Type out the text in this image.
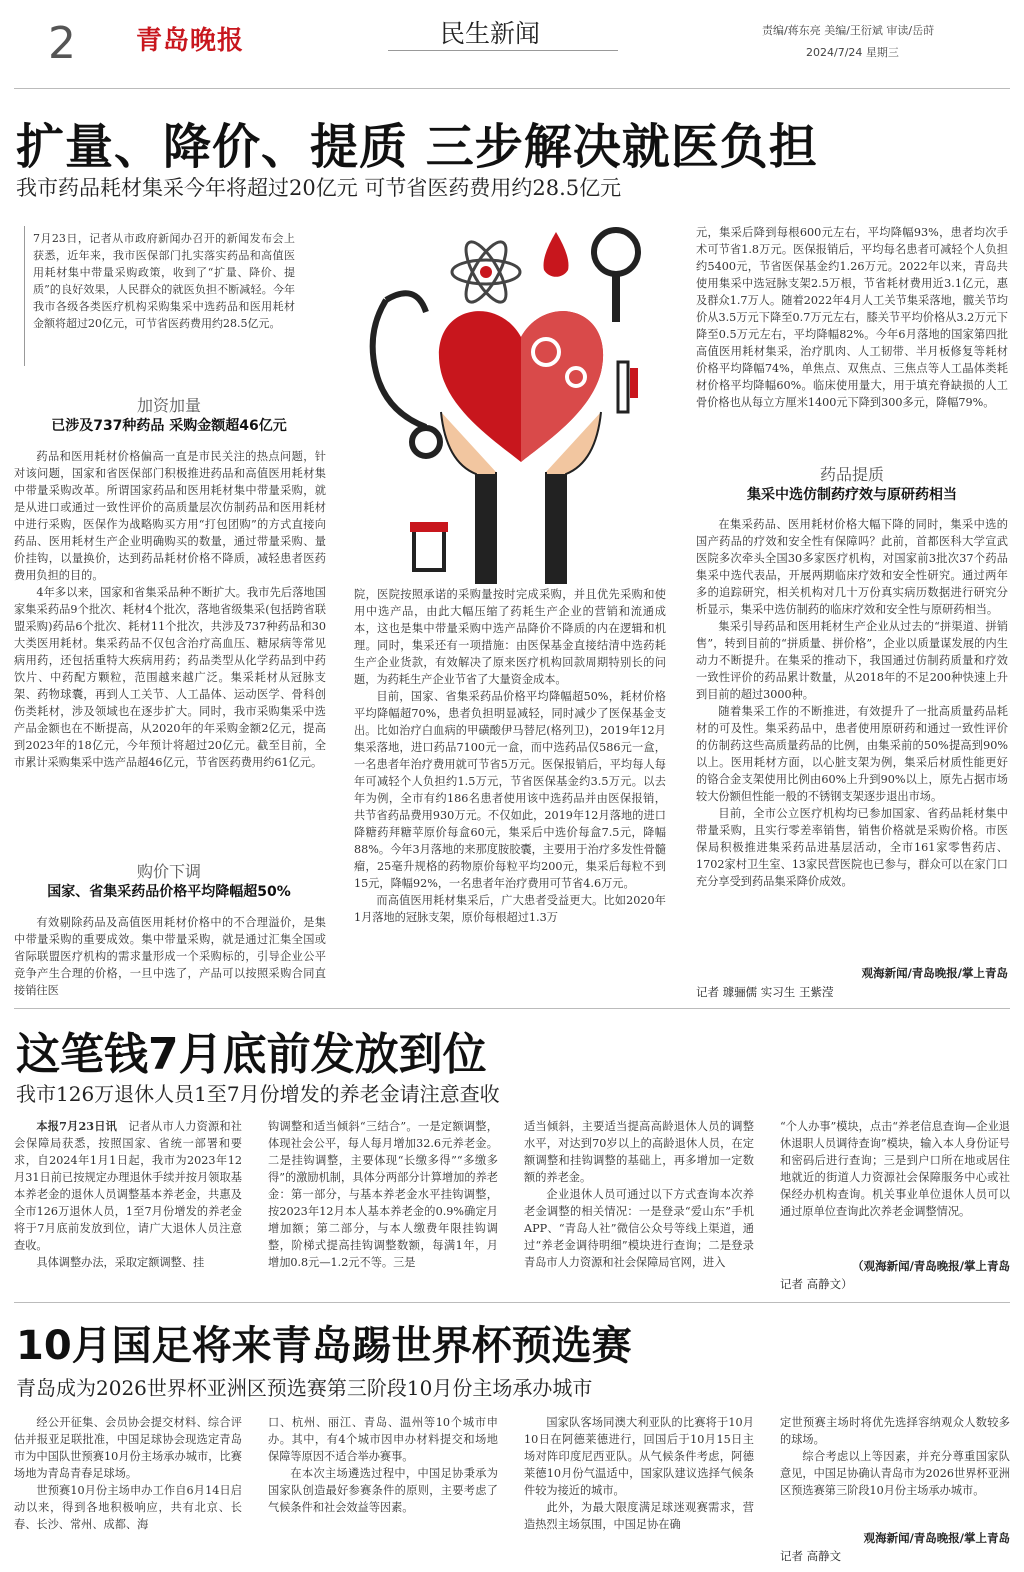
2 青岛晚报	民生新闻	责编/蒋东亮 美编/王衍斌 审读/岳莳
2024/7/24 星期三
扩量、降价、提质 三步解决就医负担
我市药品耗材集采今年将超过20亿元 可节省医药费用约28.5亿元
7月23日，记者从市政府新闻办召开的新闻发布会上获悉，近年来，我市医保部门扎实落实药品和高值医用耗材集中带量采购政策，收到了“扩量、降价、提质”的良好效果，人民群众的就医负担不断减轻。今年我市各级各类医疗机构采购集采中选药品和医用耗材金额将超过20亿元，可节省医药费用约28.5亿元。
加资加量
已涉及737种药品 采购金额超46亿元

药品和医用耗材价格偏高一直是市民关注的热点问题，针对该问题，国家和省医保部门积极推进药品和高值医用耗材集中带量采购改革。所谓国家药品和医用耗材集中带量采购，就是从进口或通过一致性评价的高质量层次仿制药品和医用耗材中进行采购，医保作为战略购买方用“打包团购”的方式直接向药品、医用耗材生产企业明确购买的数量，通过带量采购、量价挂钩，以量换价，达到药品耗材价格不降质，减轻患者医药费用负担的目的。

4年多以来，国家和省集采品种不断扩大。我市先后落地国家集采药品9个批次、耗材4个批次，落地省级集采(包括跨省联盟采购)药品6个批次、耗材11个批次，共涉及737种药品和30大类医用耗材。集采药品不仅包含治疗高血压、糖尿病等常见病用药，还包括重特大疾病用药；药品类型从化学药品到中药饮片、中药配方颗粒，范围越来越广泛。集采耗材从冠脉支架、药物球囊，再到人工关节、人工晶体、运动医学、骨科创伤类耗材，涉及领域也在逐步扩大。同时，我市采购集采中选产品金额也在不断提高，从2020年的年采购金额2亿元，提高到2023年的18亿元，今年预计将超过20亿元。截至目前，全市累计采购集采中选产品超46亿元，节省医药费用约61亿元。

购价下调
国家、省集采药品价格平均降幅超50%

有效剔除药品及高值医用耗材价格中的不合理溢价，是集中带量采购的重要成效。集中带量采购，就是通过汇集全国或省际联盟医疗机构的需求量形成一个采购标的，引导企业公平竞争产生合理的价格，一旦中选了，产品可以按照采购合同直接销往医

院，医院按照承诺的采购量按时完成采购，并且优先采购和使用中选产品，由此大幅压缩了药耗生产企业的营销和流通成本，这也是集中带量采购中选产品降价不降质的内在逻辑和机理。同时，集采还有一项措施：由医保基金直接结清中选药耗生产企业货款，有效解决了原来医疗机构回款周期特别长的问题，为药耗生产企业节省了大量资金成本。

目前，国家、省集采药品价格平均降幅超50%，耗材价格平均降幅超70%，患者负担明显减轻，同时减少了医保基金支出。比如治疗白血病的甲磺酸伊马替尼(格列卫)，2019年12月集采落地，进口药品7100元一盒，而中选药品仅586元一盒，一名患者年治疗费用就可节省5万元。医保报销后，平均每人每年可减轻个人负担约1.5万元，节省医保基金约3.5万元。以去年为例，全市有约186名患者使用该中选药品并由医保报销，共节省药品费用930万元。不仅如此，2019年12月落地的进口降糖药拜糖苹原价每盒60元，集采后中选价每盒7.5元，降幅88%。今年3月落地的来那度胺胶囊，主要用于治疗多发性骨髓瘤，25毫升规格的药物原价每粒平均200元，集采后每粒不到15元，降幅92%，一名患者年治疗费用可节省4.6万元。

而高值医用耗材集采后，广大患者受益更大。比如2020年1月落地的冠脉支架，原价每根超过1.3万

元，集采后降到每根600元左右，平均降幅93%，患者均次手术可节省1.8万元。医保报销后，平均每名患者可减轻个人负担约5400元，节省医保基金约1.26万元。2022年以来，青岛共使用集采中选冠脉支架2.5万根，节省耗材费用近3.1亿元，惠及群众1.7万人。随着2022年4月人工关节集采落地，髋关节均价从3.5万元下降至0.7万元左右，膝关节平均价格从3.2万元下降至0.5万元左右，平均降幅82%。今年6月落地的国家第四批高值医用耗材集采，治疗肌肉、人工韧带、半月板修复等耗材价格平均降幅74%，单焦点、双焦点、三焦点等人工晶体类耗材价格平均降幅60%。临床使用量大，用于填充脊缺损的人工骨价格也从每立方厘米1400元下降到300多元，降幅79%。

药品提质
集采中选仿制药疗效与原研药相当

在集采药品、医用耗材价格大幅下降的同时，集采中选的国产药品的疗效和安全性有保障吗？此前，首都医科大学宣武医院多次牵头全国30多家医疗机构，对国家前3批次37个药品集采中选代表品，开展两期临床疗效和安全性研究。通过两年多的追踪研究，相关机构对几十万份真实病历数据进行研究分析显示，集采中选仿制药的临床疗效和安全性与原研药相当。

集采引导药品和医用耗材生产企业从过去的“拼渠道、拼销售”，转到目前的“拼质量、拼价格”，企业以质量谋发展的内生动力不断提升。在集采的推动下，我国通过仿制药质量和疗效一致性评价的药品累计数量，从2018年的不足200种快速上升到目前的超过3000种。

随着集采工作的不断推进，有效提升了一批高质量药品耗材的可及性。集采药品中，患者使用原研药和通过一致性评价的仿制药这些高质量药品的比例，由集采前的50%提高到90%以上。医用耗材方面，以心脏支架为例，集采后材质性能更好的铬合金支架使用比例由60%上升到90%以上，原先占据市场较大份额但性能一般的不锈钢支架逐步退出市场。

目前，全市公立医疗机构均已参加国家、省药品耗材集中带量采购，且实行零差率销售，销售价格就是采购价格。市医保局积极推进集采药品进基层活动，全市161家零售药店、1702家村卫生室、13家民营医院也已参与，群众可以在家门口充分享受到药品集采降价成效。

观海新闻/青岛晚报/掌上青岛
记者 璩骊儒 实习生 王紫滢
这笔钱7月底前发放到位
我市126万退休人员1至7月份增发的养老金请注意查收

本报7月23日讯　 记者从市人力资源和社会保障局获悉，按照国家、省统一部署和要求，自2024年1月1日起，我市为2023年12月31日前已按规定办理退休手续并按月领取基本养老金的退休人员调整基本养老金，共惠及全市126万退休人员，1至7月份增发的养老金将于7月底前发放到位，请广大退休人员注意查收。

具体调整办法，采取定额调整、挂

钩调整和适当倾斜“三结合”。一是定额调整，体现社会公平，每人每月增加32.6元养老金。二是挂钩调整，主要体现“长缴多得”“多缴多得”的激励机制，具体分两部分计算增加的养老金：第一部分，与基本养老金水平挂钩调整，按2023年12月本人基本养老金的0.9%确定月增加额；第二部分，与本人缴费年限挂钩调整，阶梯式提高挂钩调整数额，每满1年，月增加0.8元—1.2元不等。三是

适当倾斜，主要适当提高高龄退休人员的调整水平，对达到70岁以上的高龄退休人员，在定额调整和挂钩调整的基础上，再多增加一定数额的养老金。

企业退休人员可通过以下方式查询本次养老金调整的相关情况：一是登录“爱山东”手机APP、“青岛人社”微信公众号等线上渠道，通过“养老金调待明细”模块进行查询；二是登录青岛市人力资源和社会保障局官网，进入

“个人办事”模块，点击“养老信息查询—企业退休退职人员调待查询”模块，输入本人身份证号和密码后进行查询；三是到户口所在地或居住地就近的街道人力资源社会保障服务中心或社保经办机构查询。机关事业单位退休人员可以通过原单位查询此次养老金调整情况。

（观海新闻/青岛晚报/掌上青岛
记者 高静文）
10月国足将来青岛踢世界杯预选赛
青岛成为2026世界杯亚洲区预选赛第三阶段10月份主场承办城市

经公开征集、会员协会提交材料、综合评估并报亚足联批准，中国足球协会现选定青岛市为中国队世预赛10月份主场承办城市，比赛场地为青岛青春足球场。

世预赛10月份主场申办工作自6月14日启动以来，得到各地积极响应，共有北京、长春、长沙、常州、成都、海

口、杭州、丽江、青岛、温州等10个城市申办。其中，有4个城市因申办材料提交和场地保障等原因不适合举办赛事。

在本次主场遴选过程中，中国足协秉承为国家队创造最好参赛条件的原则，主要考虑了气候条件和社会效益等因素。

国家队客场同澳大利亚队的比赛将于10月10日在阿德莱德进行，回国后于10月15日主场对阵印度尼西亚队。从气候条件考虑，阿德莱德10月份气温适中，国家队建议选择气候条件较为接近的城市。

此外，为最大限度满足球迷观赛需求，营造热烈主场氛围，中国足协在确

定世预赛主场时将优先选择容纳观众人数较多的球场。

综合考虑以上等因素，并充分尊重国家队意见，中国足协确认青岛市为2026世界杯亚洲区预选赛第三阶段10月份主场承办城市。

观海新闻/青岛晚报/掌上青岛
记者 高静文
